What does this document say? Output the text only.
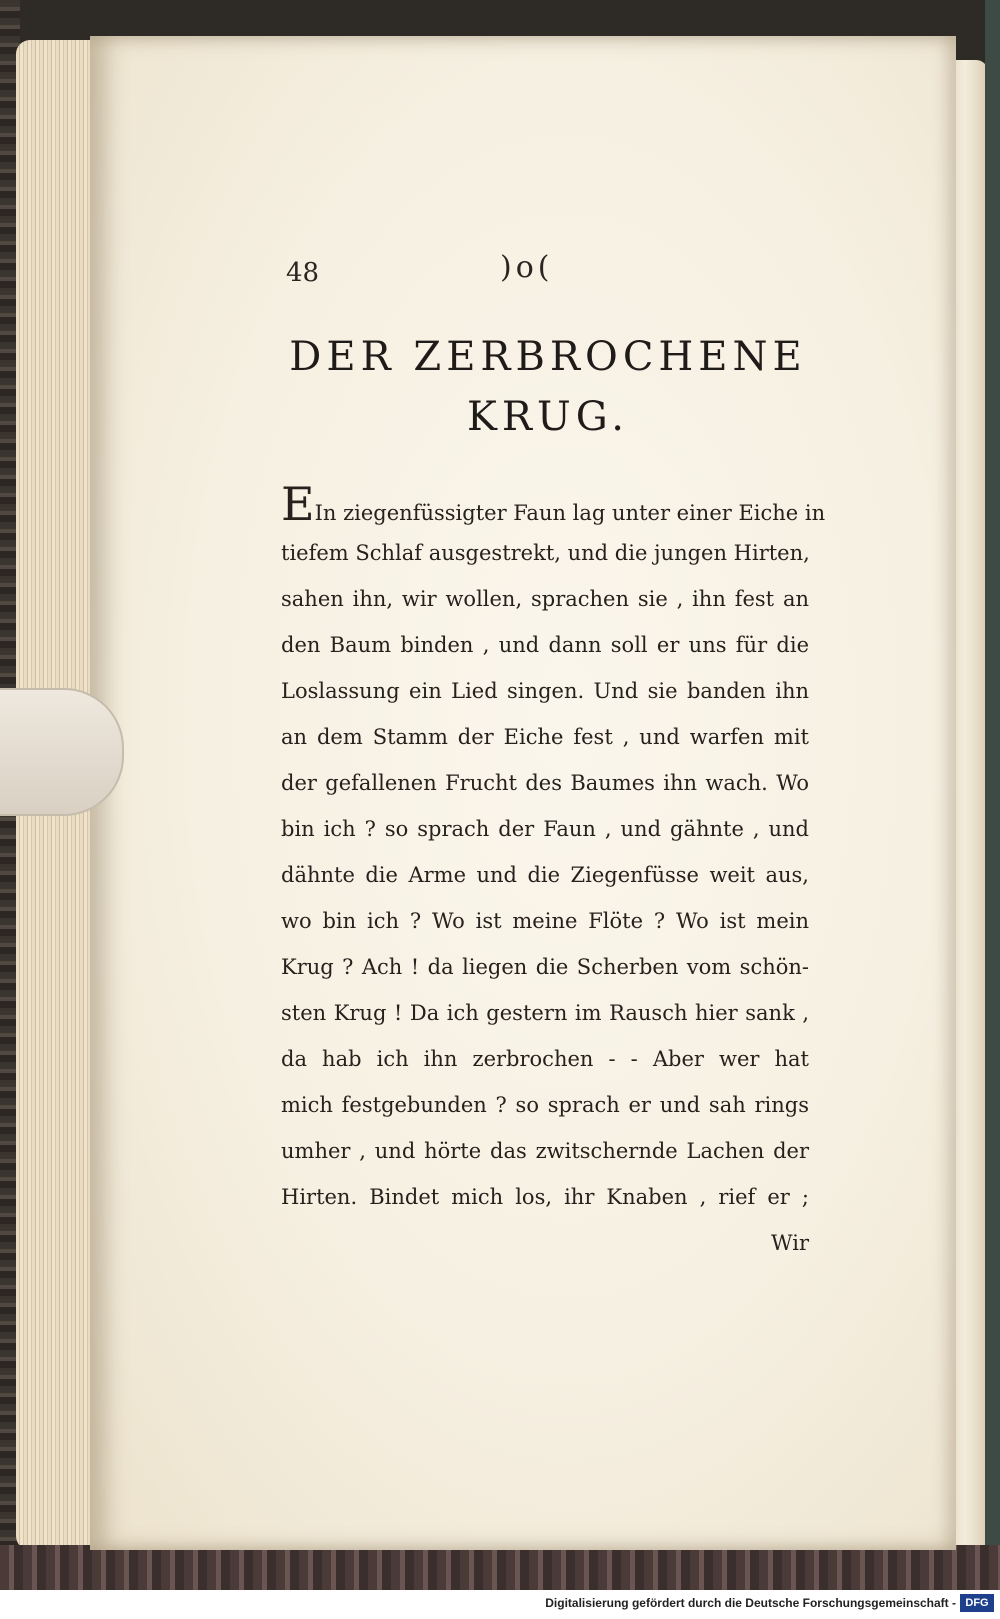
48	)o(
DER ZERBROCHENE
KRUG.
EIn ziegenfüssigter Faun lag unter einer Eiche in
tiefem Schlaf ausgestrekt, und die jungen Hirten,
sahen ihn, wir wollen, sprachen sie , ihn fest an
den Baum binden , und dann soll er uns für die
Loslassung ein Lied singen. Und sie banden ihn
an dem Stamm der Eiche fest , und warfen mit
der gefallenen Frucht des Baumes ihn wach. Wo
bin ich ? so sprach der Faun , und gähnte , und
dähnte die Arme und die Ziegenfüsse weit aus,
wo bin ich ? Wo ist meine Flöte ? Wo ist mein
Krug ? Ach ! da liegen die Scherben vom schön-
sten Krug ! Da ich gestern im Rausch hier sank ,
da hab ich ihn zerbrochen - - Aber wer hat
mich festgebunden ? so sprach er und sah rings
umher , und hörte das zwitschernde Lachen der
Hirten. Bindet mich los, ihr Knaben , rief er ;
Wir
Digitalisierung gefördert durch die Deutsche Forschungsgemeinschaft - DFG
